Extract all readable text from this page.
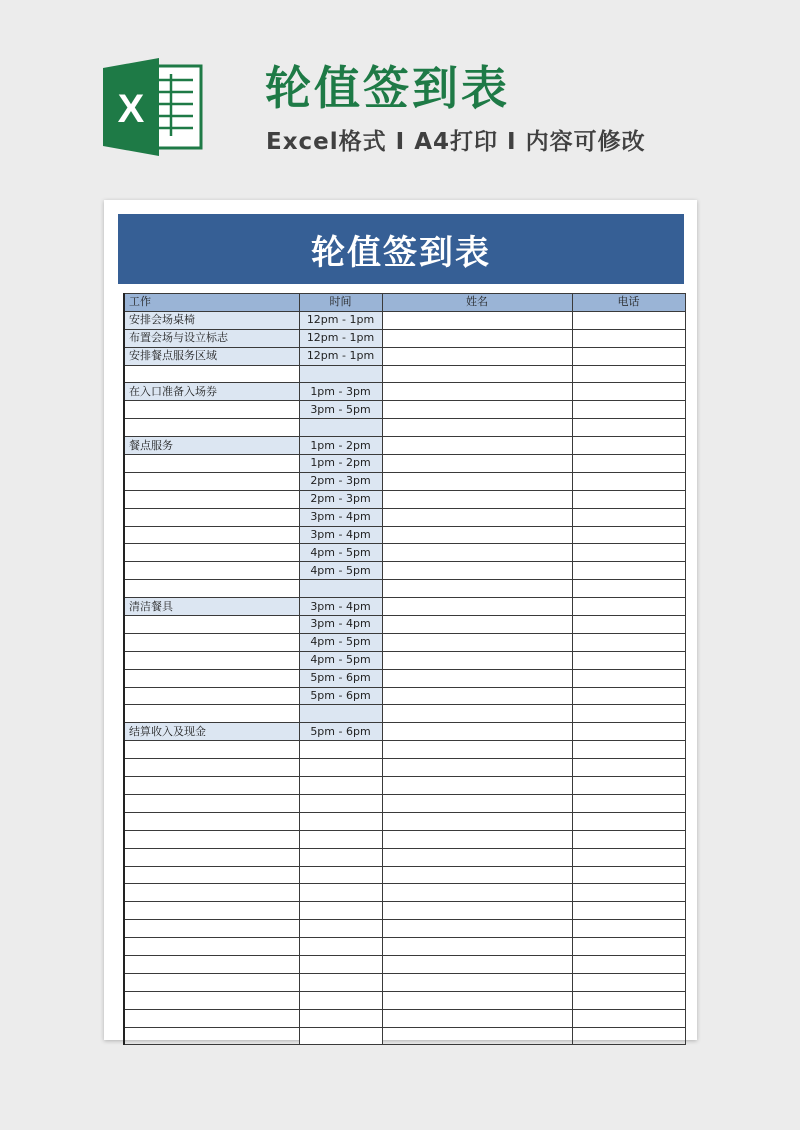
X	轮值签到表
Excel格式 I A4打印 I 内容可修改
轮值签到表
工作	时间	姓名	电话
安排会场桌椅	12pm - 1pm		
布置会场与设立标志	12pm - 1pm		
安排餐点服务区域	12pm - 1pm		

在入口准备入场券	1pm - 3pm		
	3pm - 5pm		

餐点服务	1pm - 2pm		
	1pm - 2pm		
	2pm - 3pm		
	2pm - 3pm		
	3pm - 4pm		
	3pm - 4pm		
	4pm - 5pm		
	4pm - 5pm		

清洁餐具	3pm - 4pm		
	3pm - 4pm		
	4pm - 5pm		
	4pm - 5pm		
	5pm - 6pm		
	5pm - 6pm		

结算收入及现金	5pm - 6pm		
